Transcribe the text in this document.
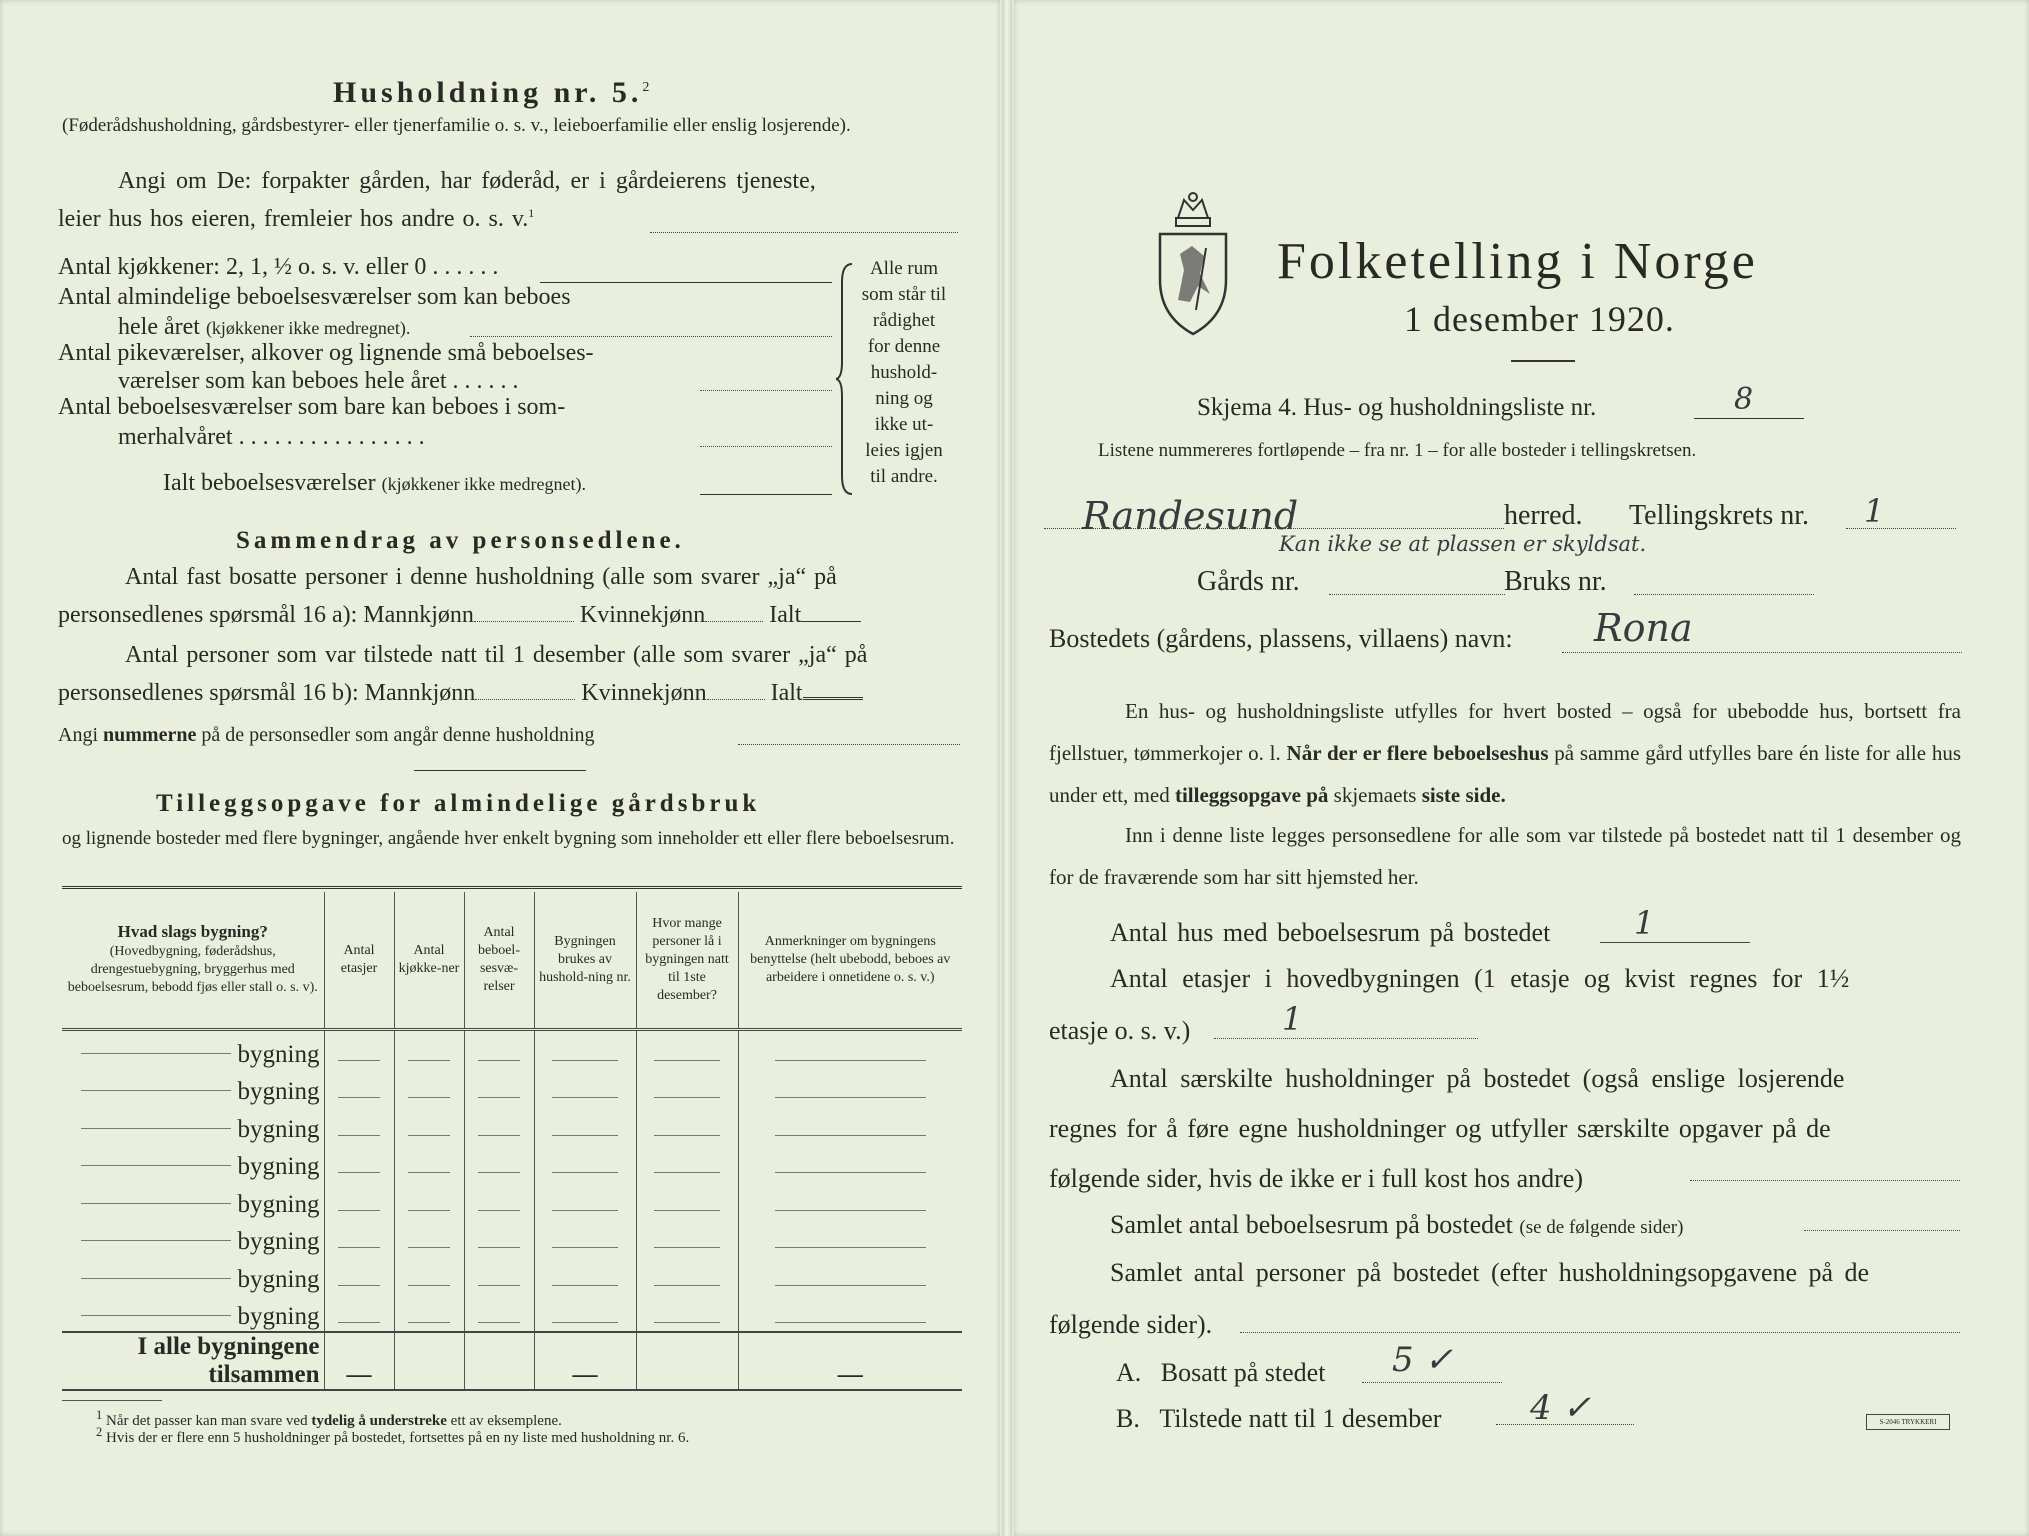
Husholdning nr. 5.$^2$
(Føderådshusholdning, gårdsbestyrer- eller tjenerfamilie o. s. v., leieboerfamilie eller enslig losjerende).
Angi om De: forpakter gården, har føderåd, er i gårdeierens tjeneste,
leier hus hos eieren, fremleier hos andre o. s. v.$^1$
Antal kjøkkener: 2, 1, ½ o. s. v. eller 0 . . . . . .
Antal almindelige beboelsesværelser som kan beboes
hele året (kjøkkener ikke medregnet).
Antal pikeværelser, alkover og lignende små beboelses-
værelser som kan beboes hele året . . . . . .
Antal beboelsesværelser som bare kan beboes i som-
merhalvåret . . . . . . . . . . . . . . . .
Ialt beboelsesværelser (kjøkkener ikke medregnet).
Alle rum
som står til
rådighet
for denne
hushold-
ning og
ikke ut-
leies igjen
til andre.
Sammendrag av personsedlene.
Antal fast bosatte personer i denne husholdning (alle som svarer „ja“ på
personsedlenes spørsmål 16 a): Mannkjønn	Kvinnekjønn	Ialt
Antal personer som var tilstede natt til 1 desember (alle som svarer „ja“ på
personsedlenes spørsmål 16 b): Mannkjønn	Kvinnekjønn	Ialt
Angi nummerne på de personsedler som angår denne husholdning
Tilleggsopgave for almindelige gårdsbruk
og lignende bosteder med flere bygninger, angående hver enkelt bygning som inneholder ett eller flere beboelsesrum.
Hvad slags bygning?
(Hovedbygning, føderådshus, drengestuebygning, bryggerhus med beboelsesrum, bebodd fjøs eller stall o. s. v).	Antal etasjer	Antal kjøkke-ner	Antal beboel-sesvæ-relser	Bygningen brukes av hushold-ning nr.	Hvor mange personer lå i bygningen natt til 1ste desember?	Anmerkninger om bygningens benyttelse (helt ubebodd, beboes av arbeidere i onnetidene o. s. v.)
bygning	

bygning	

bygning	

bygning	

bygning	

bygning	

bygning	

bygning	

I alle bygningene tilsammen	—			—		—
$^1$ Når det passer kan man svare ved tydelig å understreke ett av eksemplene.
$^2$ Hvis der er flere enn 5 husholdninger på bostedet, fortsettes på en ny liste med husholdning nr. 6.
Folketelling i Norge
1 desember 1920.
Skjema 4. Hus- og husholdningsliste nr.	8
Listene nummereres fortløpende – fra nr. 1 – for alle bosteder i tellingskretsen.
Randesund	herred. Tellingskrets nr. 1
Kan ikke se at plassen er skyldsat.
Gårds nr.	Bruks nr.
Bostedets (gårdens, plassens, villaens) navn: Rona
En hus- og husholdningsliste utfylles for hvert bosted – også for ubebodde hus, bortsett fra fjellstuer, tømmerkojer o. l. Når der er flere beboelseshus på samme gård utfylles bare én liste for alle hus under ett, med tilleggsopgave på skjemaets siste side.
Inn i denne liste legges personsedlene for alle som var tilstede på bostedet natt til 1 desember og for de fraværende som har sitt hjemsted her.
Antal hus med beboelsesrum på bostedet	1
Antal etasjer i hovedbygningen (1 etasje og kvist regnes for 1½
etasje o. s. v.)	1
Antal særskilte husholdninger på bostedet (også enslige losjerende
regnes for å føre egne husholdninger og utfyller særskilte opgaver på de
følgende sider, hvis de ikke er i full kost hos andre)
Samlet antal beboelsesrum på bostedet (se de følgende sider)
Samlet antal personer på bostedet (efter husholdningsopgavene på de
følgende sider).
A. Bosatt på stedet 5 ✓
B. Tilstede natt til 1 desember	4 ✓	S-2046 TRYKKERI
